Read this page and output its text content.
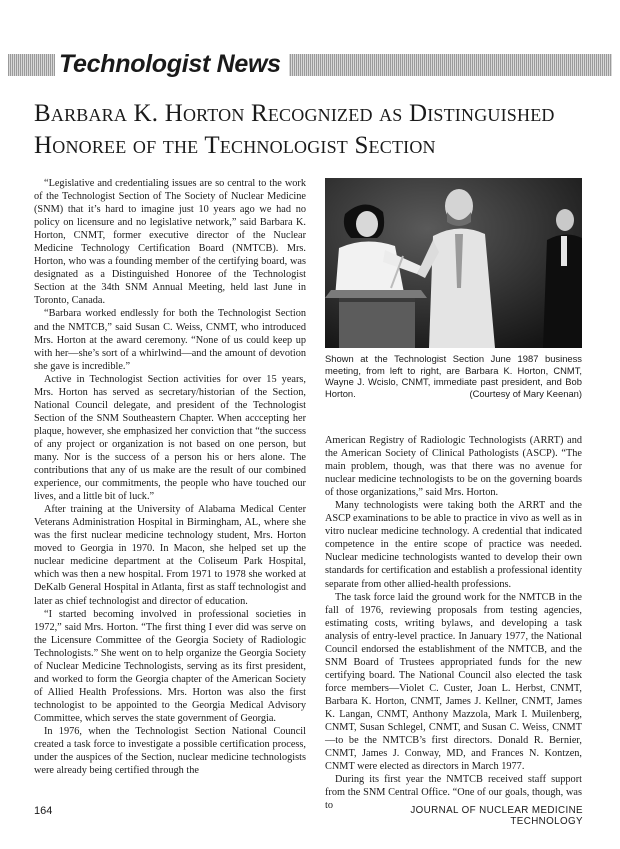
Technologist News
Barbara K. Horton Recognized as Distinguished
Honoree of the Technologist Section

“Legislative and credentialing issues are so central to the work of the Technologist Section of The Society of Nuclear Medicine (SNM) that it’s hard to imagine just 10 years ago we had no policy on licensure and no legislative network,” said Barbara K. Horton, CNMT, former executive director of the Nuclear Medicine Technology Certification Board (NMTCB). Mrs. Horton, who was a founding member of the certifying board, was designated as a Distinguished Honoree of the Technologist Section at the 34th SNM Annual Meeting, held last June in Toronto, Canada.

“Barbara worked endlessly for both the Technologist Section and the NMTCB,” said Susan C. Weiss, CNMT, who introduced Mrs. Horton at the award ceremony. “None of us could keep up with her—she’s sort of a whirlwind—and the amount of devotion she gave is incredible.”

Active in Technologist Section activities for over 15 years, Mrs. Horton has served as secretary/historian of the Section, National Council delegate, and president of the Technologist Section of the SNM Southeastern Chapter. When acccepting her plaque, however, she emphasized her conviction that “the success of any project or organization is not based on one person, but many. Nor is the success of a person his or hers alone. The contributions that any of us make are the result of our combined experience, our commitments, the people who have touched our lives, and a little bit of luck.”

After training at the University of Alabama Medical Center Veterans Administration Hospital in Birmingham, AL, where she was the first nuclear medicine technology student, Mrs. Horton moved to Georgia in 1970. In Macon, she helped set up the nuclear medicine department at the Coliseum Park Hospital, which was then a new hospital. From 1971 to 1978 she worked at DeKalb General Hospital in Atlanta, first as staff technologist and later as chief technologist and director of education.

“I started becoming involved in professional societies in 1972,” said Mrs. Horton. “The first thing I ever did was serve on the Licensure Committee of the Georgia Society of Radiologic Technologists.” She went on to help organize the Georgia Society of Nuclear Medicine Technologists, serving as its first president, and worked to form the Georgia chapter of the American Society of Allied Health Professions. Mrs. Horton was also the first technologist to be appointed to the Georgia Medical Advisory Committee, which serves the state government of Georgia.

In 1976, when the Technologist Section National Council created a task force to investigate a possible certification process, under the auspices of the Section, nuclear medicine technologists were already being certified through the

Shown at the Technologist Section June 1987 business meeting, from left to right, are Barbara K. Horton, CNMT, Wayne J. Wcislo, CNMT, immediate past president, and Bob Horton.	(Courtesy of Mary Keenan)

American Registry of Radiologic Technologists (ARRT) and the American Society of Clinical Pathologists (ASCP). “The main problem, though, was that there was no avenue for nuclear medicine technologists to be on the governing boards of those organizations,” said Mrs. Horton.

Many technologists were taking both the ARRT and the ASCP examinations to be able to practice in vivo as well as in vitro nuclear medicine technology. A credential that indicated competence in the entire scope of practice was needed. Nuclear medicine technologists wanted to develop their own standards for certification and establish a professional identity separate from other allied-health professions.

The task force laid the ground work for the NMTCB in the fall of 1976, reviewing proposals from testing agencies, estimating costs, writing bylaws, and developing a task analysis of entry-level practice. In January 1977, the National Council endorsed the establishment of the NMTCB, and the SNM Board of Trustees appropriated funds for the new certifying board. The National Council also elected the task force members—Violet C. Custer, Joan L. Herbst, CNMT, Barbara K. Horton, CNMT, James J. Kellner, CNMT, James K. Langan, CNMT, Anthony Mazzola, Mark I. Muilenberg, CNMT, Susan Schlegel, CNMT, and Susan C. Weiss, CNMT—to be the NMTCB’s first directors. Donald R. Bernier, CNMT, James J. Conway, MD, and Frances N. Kontzen, CNMT were elected as directors in March 1977.

During its first year the NMTCB received staff support from the SNM Central Office. “One of our goals, though, was to

164	JOURNAL OF NUCLEAR MEDICINE TECHNOLOGY
